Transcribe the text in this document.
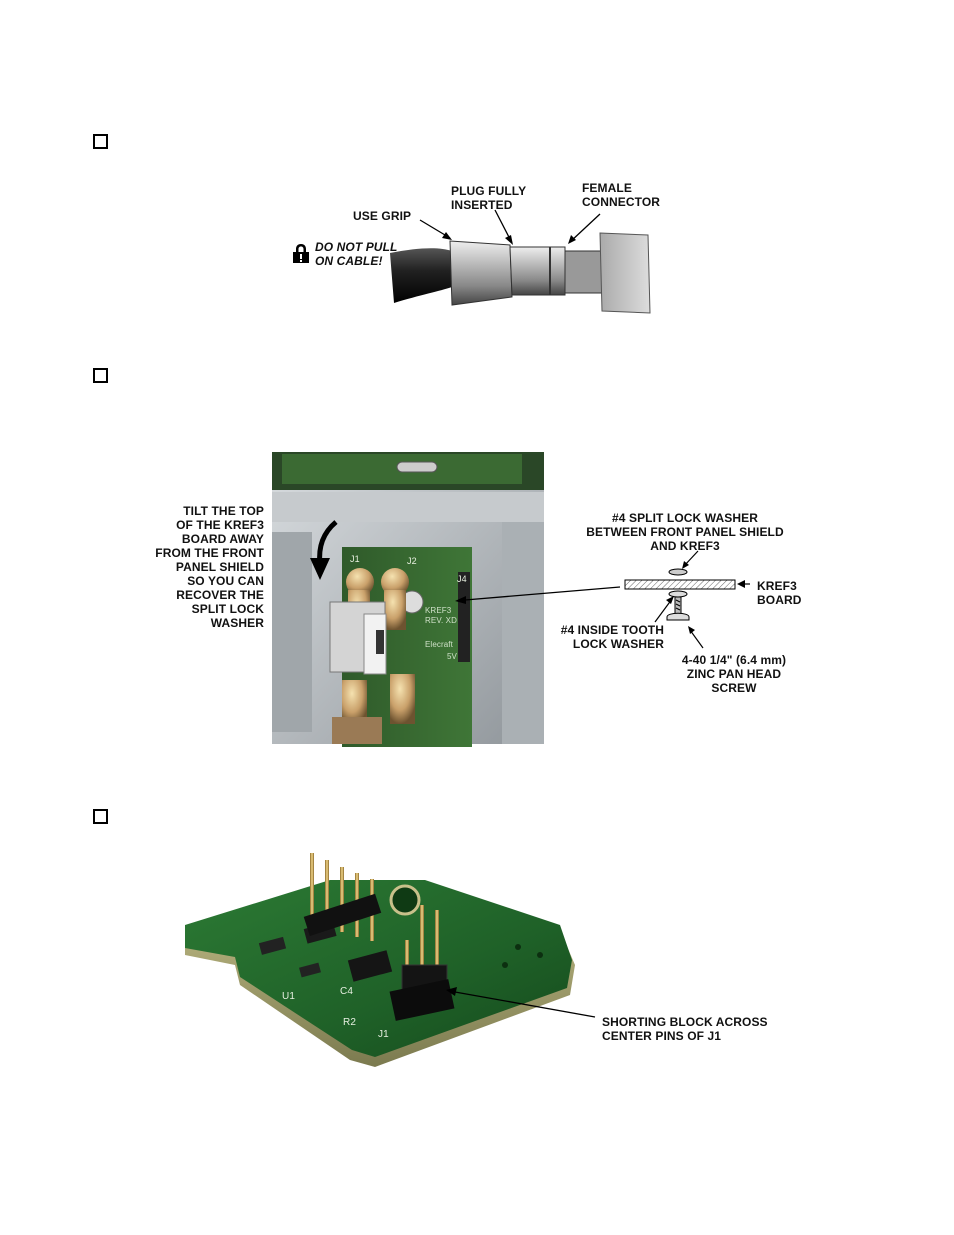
USE GRIP
PLUG FULLY
INSERTED
FEMALE
CONNECTOR
DO NOT PULL
ON CABLE!
J1	J2
J4
KREF3
REV. XD
Elecraft
5V
TILT THE TOP
OF THE KREF3
BOARD AWAY
FROM THE FRONT
PANEL SHIELD
SO YOU CAN
RECOVER THE
SPLIT LOCK
WASHER
#4 SPLIT LOCK WASHER
BETWEEN FRONT PANEL SHIELD
AND KREF3
KREF3
BOARD
#4 INSIDE TOOTH
LOCK WASHER
4-40 1/4" (6.4 mm)
ZINC PAN HEAD
SCREW
J1
U1
R2
C4
SHORTING BLOCK ACROSS
CENTER PINS OF J1
